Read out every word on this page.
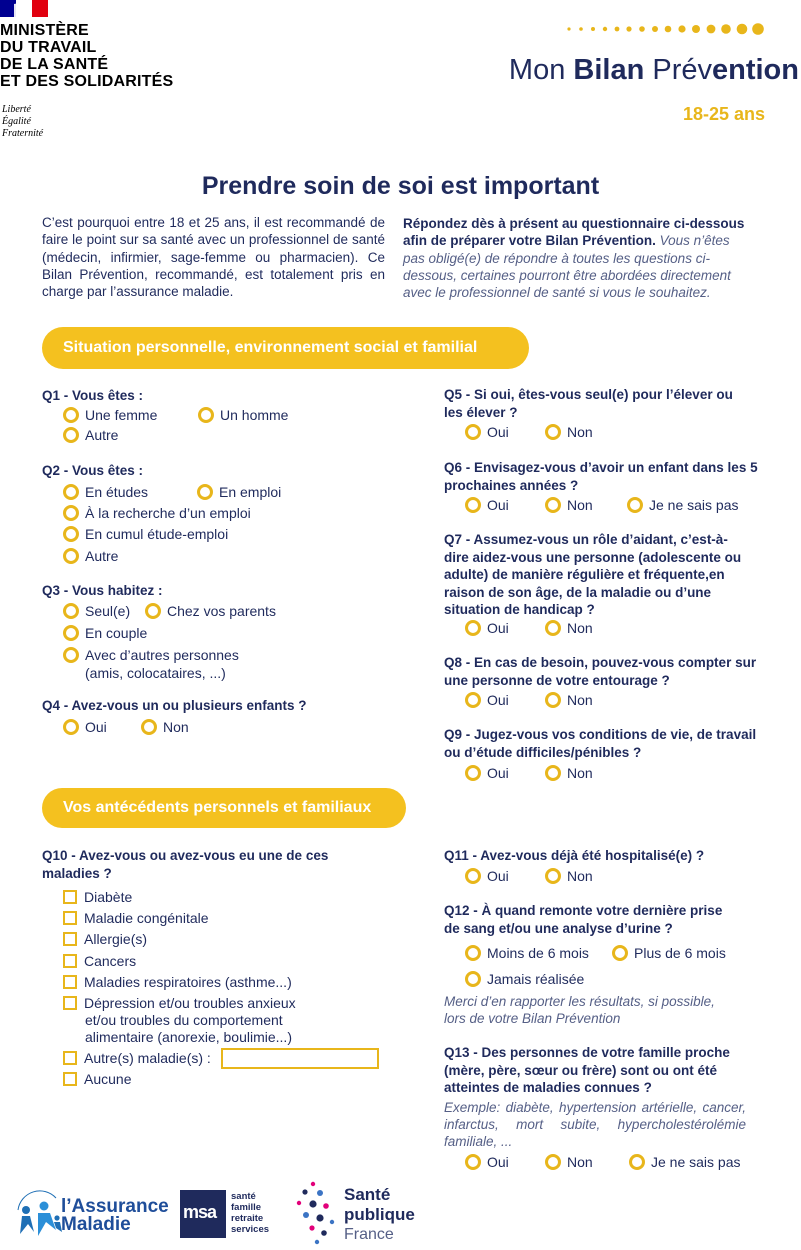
MINISTÈRE
DU TRAVAIL
DE LA SANTÉ
ET DES SOLIDARITÉS
Liberté
Égalité
Fraternité
Mon Bilan Prévention
18-25 ans
Prendre soin de soi est important
C’est pourquoi entre 18 et 25 ans, il est recommandé de faire le point sur sa santé avec un professionnel de santé (médecin, infirmier, sage-femme ou pharmacien). Ce Bilan Prévention, recommandé, est totalement pris en charge par l’assurance maladie.
Répondez dès à présent au questionnaire ci-dessous afin de préparer votre Bilan Prévention. Vous n’êtes pas obligé(e) de répondre à toutes les questions ci-dessous, certaines pourront être abordées directement avec le professionnel de santé si vous le souhaitez.
Situation personnelle, environnement social et familial
Q1 - Vous êtes :
Une femme	Un homme
Autre
Q2 - Vous êtes :
En études	En emploi
À la recherche d’un emploi
En cumul étude-emploi
Autre
Q3 - Vous habitez :
Seul(e)	Chez vos parents
En couple
Avec d’autres personnes
(amis, colocataires, ...)
Q4 - Avez-vous un ou plusieurs enfants ?
Oui	Non
Q5 - Si oui, êtes-vous seul(e) pour l’élever ou
les élever ?
Oui	Non
Q6 - Envisagez-vous d’avoir un enfant dans les 5
prochaines années ?
Oui	Non	Je ne sais pas
Q7 - Assumez-vous un rôle d’aidant, c’est-à-
dire aidez-vous une personne (adolescente ou
adulte) de manière régulière et fréquente,en
raison de son âge, de la maladie ou d’une
situation de handicap ?
Oui	Non
Q8 - En cas de besoin, pouvez-vous compter sur
une personne de votre entourage ?
Oui	Non
Q9 - Jugez-vous vos conditions de vie, de travail
ou d’étude difficiles/pénibles ?
Oui	Non
Vos antécédents personnels et familiaux
Q10 - Avez-vous ou avez-vous eu une de ces
maladies ?
Diabète
Maladie congénitale
Allergie(s)
Cancers
Maladies respiratoires (asthme...)
Dépression et/ou troubles anxieux
et/ou troubles du comportement
alimentaire (anorexie, boulimie...)
Autre(s) maladie(s) :
Aucune
Q11 - Avez-vous déjà été hospitalisé(e) ?
Oui	Non
Q12 - À quand remonte votre dernière prise
de sang et/ou une analyse d’urine ?
Moins de 6 mois	Plus de 6 mois
Jamais réalisée
Merci d’en rapporter les résultats, si possible,
lors de votre Bilan Prévention
Q13 - Des personnes de votre famille proche
(mère, père, sœur ou frère) sont ou ont été
atteintes de maladies connues ?
Exemple: diabète, hypertension artérielle, cancer, infarctus, mort subite, hypercholestérolémie familiale, ...
Oui	Non	Je ne sais pas
l’Assurance
Maladie
msa
santé
famille
retraite
services
Santé
publique
France
